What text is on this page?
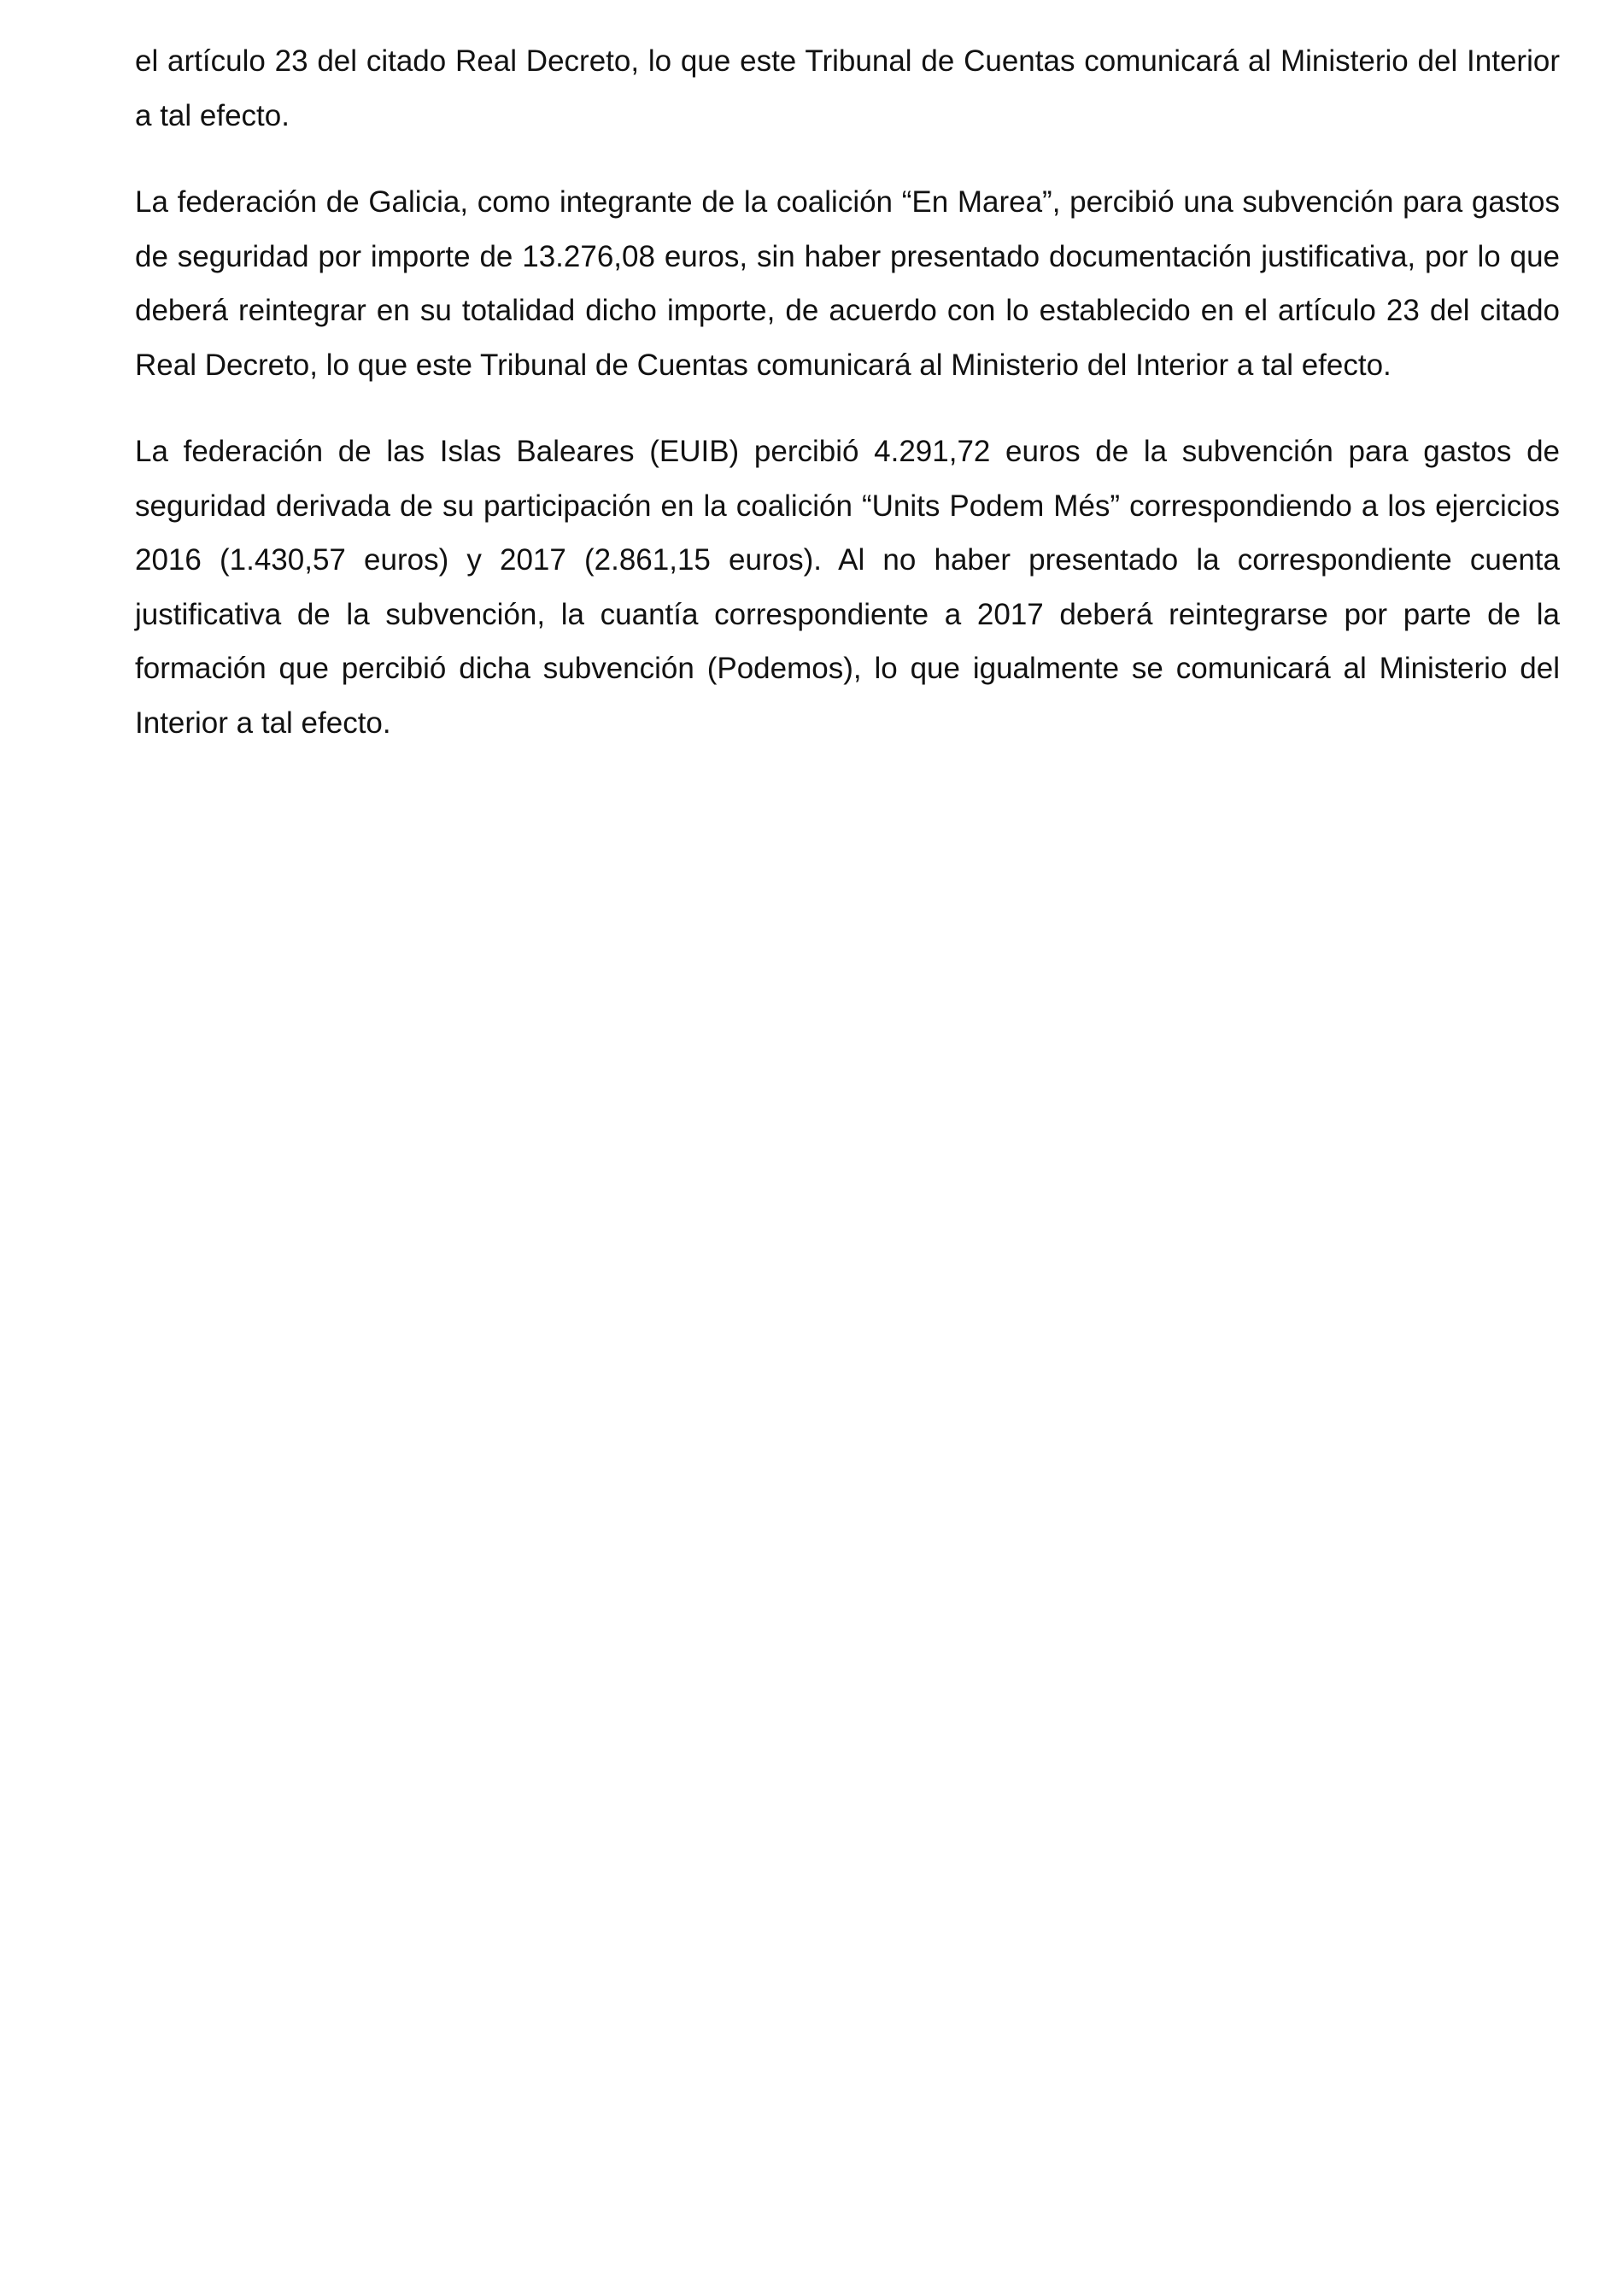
el artículo 23 del citado Real Decreto, lo que este Tribunal de Cuentas comunicará al Ministerio del Interior a tal efecto.

La federación de Galicia, como integrante de la coalición “En Marea”, percibió una subvención para gastos de seguridad por importe de 13.276,08 euros, sin haber presentado documentación justificativa, por lo que deberá reintegrar en su totalidad dicho importe, de acuerdo con lo establecido en el artículo 23 del citado Real Decreto, lo que este Tribunal de Cuentas comunicará al Ministerio del Interior a tal efecto.

La federación de las Islas Baleares (EUIB) percibió 4.291,72 euros de la subvención para gastos de seguridad derivada de su participación en la coalición “Units Podem Més” correspondiendo a los ejercicios 2016 (1.430,57 euros) y 2017 (2.861,15 euros). Al no haber presentado la correspondiente cuenta justificativa de la subvención, la cuantía correspondiente a 2017 deberá reintegrarse por parte de la formación que percibió dicha subvención (Podemos), lo que igualmente se comunicará al Ministerio del Interior a tal efecto.
